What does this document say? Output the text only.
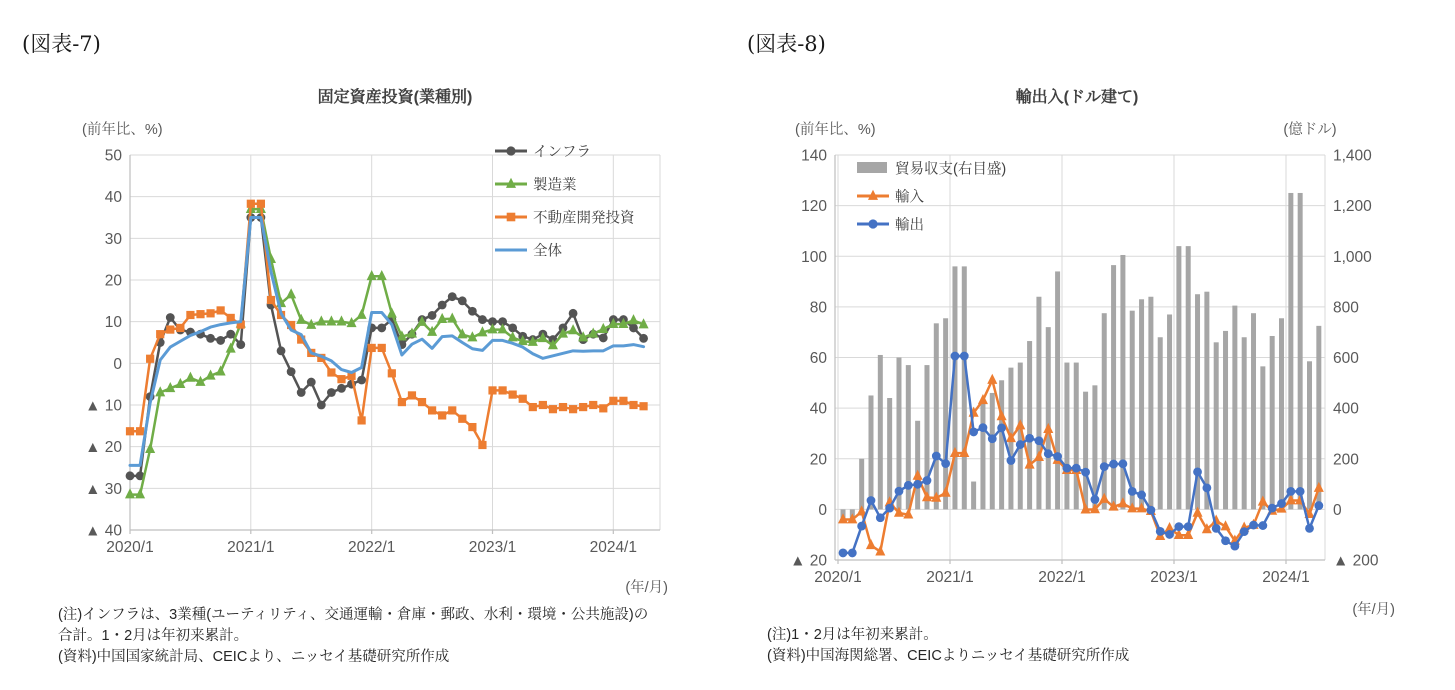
(図表-7)
固定資産投資(業種別)
(前年比、%)
▲ 40
▲ 30
▲ 20
▲ 10
0
10
20
30
40
50
2020/1	2021/1	2022/1	2023/1	2024/1
インフラ
製造業
不動産開発投資
全体
(年/月)
(注)インフラは、3業種(ユーティリティ、交通運輸・倉庫・郵政、水利・環境・公共施設)の
合計。1・2月は年初来累計。
(資料)中国国家統計局、CEICより、ニッセイ基礎研究所作成
(図表-8)
輸出入(ドル建て)
(前年比、%)	(億ドル)
▲ 20
0
20
40
60
80
100
120
140
▲ 200
0
200
400
600
800
1,000
1,200
1,400
2020/1	2021/1	2022/1	2023/1	2024/1
貿易収支(右目盛)
輸入
輸出
(年/月)
(注)1・2月は年初来累計。
(資料)中国海関総署、CEICよりニッセイ基礎研究所作成
